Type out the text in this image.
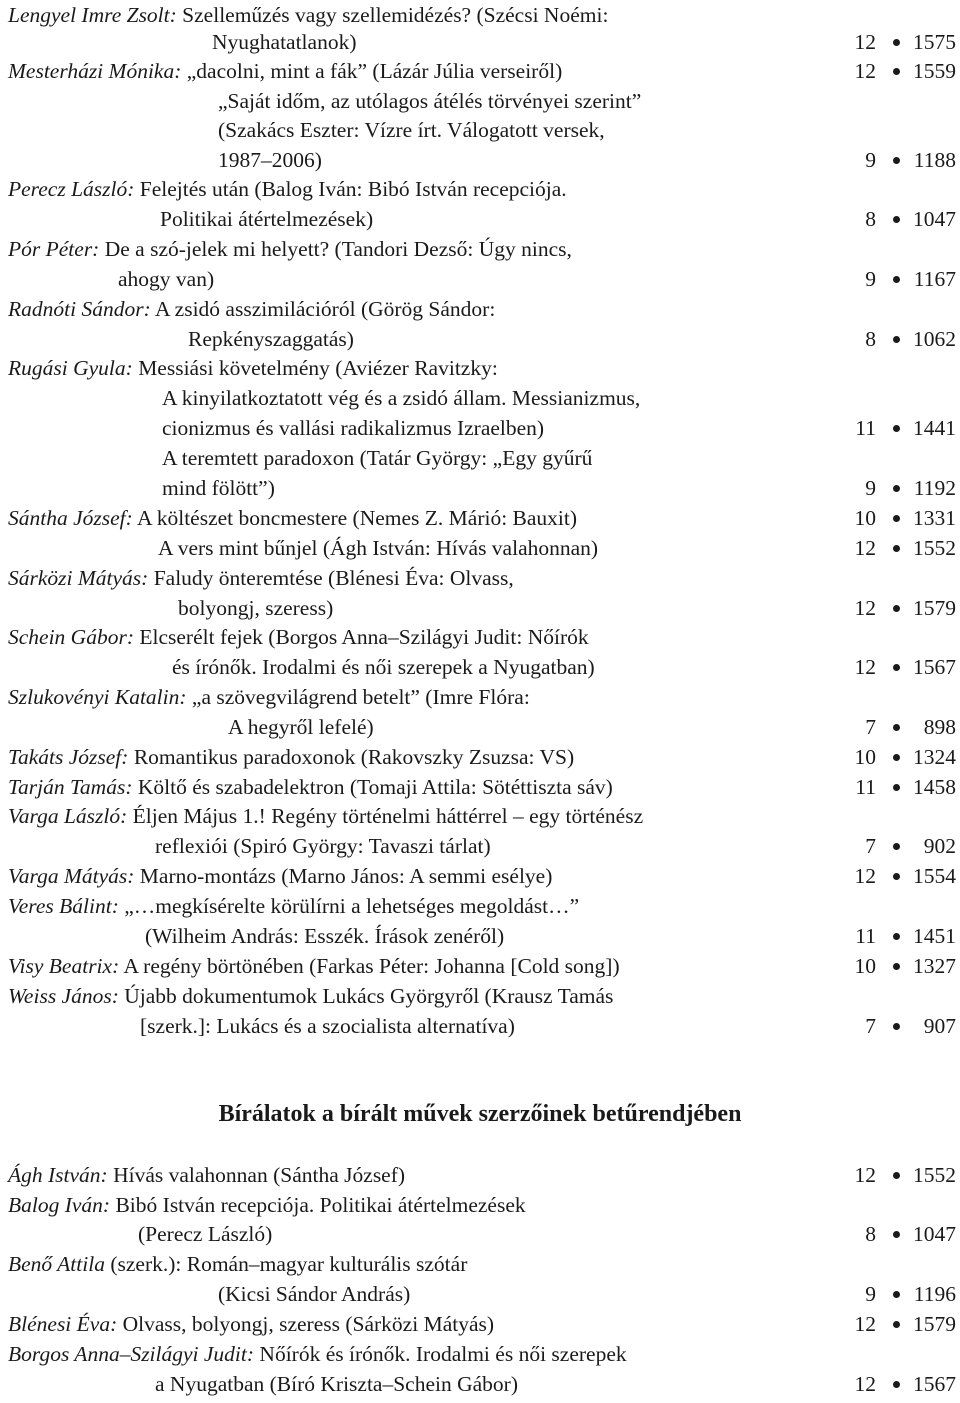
Lengyel Imre Zsolt: Szelleműzés vagy szellemidézés? (Szécsi Noémi:
Nyughatatlanok)	12	1575
Mesterházi Mónika: „dacolni, mint a fák” (Lázár Júlia verseiről)	12	1559
„Saját időm, az utólagos átélés törvényei szerint”
(Szakács Eszter: Vízre írt. Válogatott versek,
1987–2006)	9	1188
Perecz László: Felejtés után (Balog Iván: Bibó István recepciója.
Politikai átértelmezések)	8	1047
Pór Péter: De a szó-jelek mi helyett? (Tandori Dezső: Úgy nincs,
ahogy van)	9	1167
Radnóti Sándor: A zsidó asszimilációról (Görög Sándor:
Repkényszaggatás)	8	1062
Rugási Gyula: Messiási követelmény (Aviézer Ravitzky:
A kinyilatkoztatott vég és a zsidó állam. Messianizmus,
cionizmus és vallási radikalizmus Izraelben)	11	1441
A teremtett paradoxon (Tatár György: „Egy gyűrű
mind fölött”)	9	1192
Sántha József: A költészet boncmestere (Nemes Z. Márió: Bauxit)	10	1331
A vers mint bűnjel (Ágh István: Hívás valahonnan)	12	1552
Sárközi Mátyás: Faludy önteremtése (Blénesi Éva: Olvass,
bolyongj, szeress)	12	1579
Schein Gábor: Elcserélt fejek (Borgos Anna–Szilágyi Judit: Nőírók
és írónők. Irodalmi és női szerepek a Nyugatban)	12	1567
Szlukovényi Katalin: „a szövegvilágrend betelt” (Imre Flóra:
A hegyről lefelé)	7	898
Takáts József: Romantikus paradoxonok (Rakovszky Zsuzsa: VS)	10	1324
Tarján Tamás: Költő és szabadelektron (Tomaji Attila: Sötéttiszta sáv)	11	1458
Varga László: Éljen Május 1.! Regény történelmi háttérrel – egy történész
reflexiói (Spiró György: Tavaszi tárlat)	7	902
Varga Mátyás: Marno-montázs (Marno János: A semmi esélye)	12	1554
Veres Bálint: „…megkísérelte körülírni a lehetséges megoldást…”
(Wilheim András: Esszék. Írások zenéről)	11	1451
Visy Beatrix: A regény börtönében (Farkas Péter: Johanna [Cold song])	10	1327
Weiss János: Újabb dokumentumok Lukács Györgyről (Krausz Tamás
[szerk.]: Lukács és a szocialista alternatíva)	7	907
Bírálatok a bírált művek szerzőinek betűrendjében
Ágh István: Hívás valahonnan (Sántha József)	12	1552
Balog Iván: Bibó István recepciója. Politikai átértelmezések
(Perecz László)	8	1047
Benő Attila (szerk.): Román–magyar kulturális szótár
(Kicsi Sándor András)	9	1196
Blénesi Éva: Olvass, bolyongj, szeress (Sárközi Mátyás)	12	1579
Borgos Anna–Szilágyi Judit: Nőírók és írónők. Irodalmi és női szerepek
a Nyugatban (Bíró Kriszta–Schein Gábor)	12	1567
